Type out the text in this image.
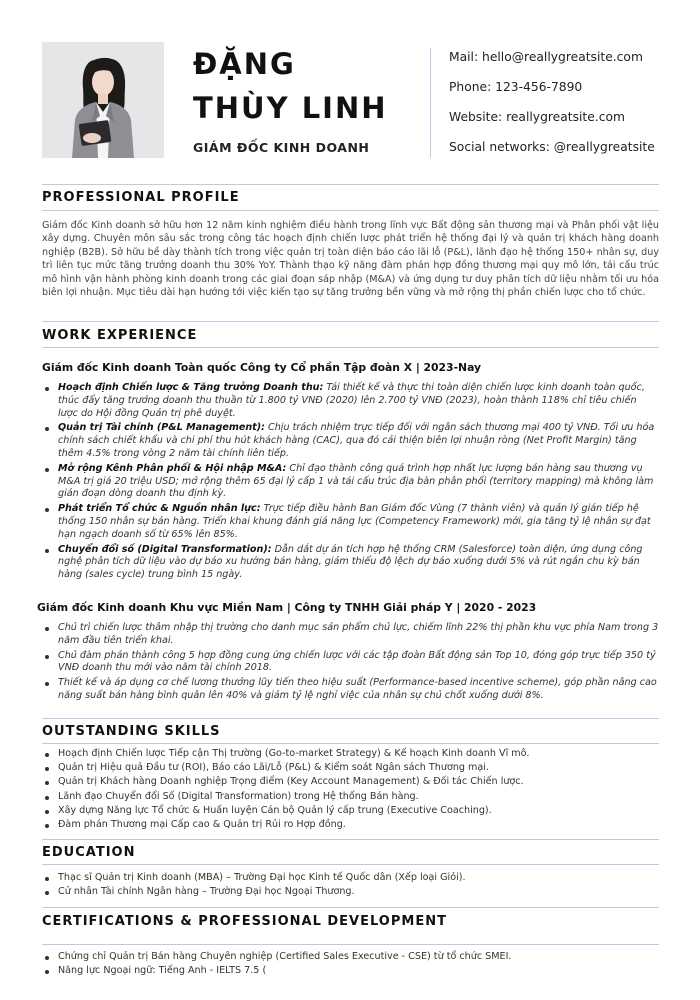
ĐẶNG
THÙY LINH
GIÁM ĐỐC KINH DOANH
Mail: hello@reallygreatsite.com
Phone: 123-456-7890
Website: reallygreatsite.com
Social networks: @reallygreatsite
PROFESSIONAL PROFILE
Giám đốc Kinh doanh sở hữu hơn 12 năm kinh nghiệm điều hành trong lĩnh vực Bất động sản thương mại và Phân phối vật liệu xây dựng. Chuyên môn sâu sắc trong công tác hoạch định chiến lược phát triển hệ thống đại lý và quản trị khách hàng doanh nghiệp (B2B). Sở hữu bề dày thành tích trong việc quản trị toàn diện báo cáo lãi lỗ (P&L), lãnh đạo hệ thống 150+ nhân sự, duy trì liên tục mức tăng trưởng doanh thu 30% YoY. Thành thạo kỹ năng đàm phán hợp đồng thương mại quy mô lớn, tái cấu trúc mô hình vận hành phòng kinh doanh trong các giai đoạn sáp nhập (M&A) và ứng dụng tư duy phân tích dữ liệu nhằm tối ưu hóa biên lợi nhuận. Mục tiêu dài hạn hướng tới việc kiến tạo sự tăng trưởng bền vững và mở rộng thị phần chiến lược cho tổ chức.
WORK EXPERIENCE
Giám đốc Kinh doanh Toàn quốc Công ty Cổ phần Tập đoàn X | 2023-Nay
Hoạch định Chiến lược & Tăng trưởng Doanh thu: Tái thiết kế và thực thi toàn diện chiến lược kinh doanh toàn quốc, thúc đẩy tăng trưởng doanh thu thuần từ 1.800 tỷ VNĐ (2020) lên 2.700 tỷ VNĐ (2023), hoàn thành 118% chỉ tiêu chiến lược do Hội đồng Quản trị phê duyệt.
Quản trị Tài chính (P&L Management): Chịu trách nhiệm trực tiếp đối với ngân sách thương mại 400 tỷ VNĐ. Tối ưu hóa chính sách chiết khấu và chi phí thu hút khách hàng (CAC), qua đó cải thiện biên lợi nhuận ròng (Net Profit Margin) tăng thêm 4.5% trong vòng 2 năm tài chính liên tiếp.
Mở rộng Kênh Phân phối & Hội nhập M&A: Chỉ đạo thành công quá trình hợp nhất lực lượng bán hàng sau thương vụ M&A trị giá 20 triệu USD; mở rộng thêm 65 đại lý cấp 1 và tái cấu trúc địa bàn phân phối (territory mapping) mà không làm gián đoạn dòng doanh thu định kỳ.
Phát triển Tổ chức & Nguồn nhân lực: Trực tiếp điều hành Ban Giám đốc Vùng (7 thành viên) và quản lý gián tiếp hệ thống 150 nhân sự bán hàng. Triển khai khung đánh giá năng lực (Competency Framework) mới, gia tăng tỷ lệ nhân sự đạt hạn ngạch doanh số từ 65% lên 85%.
Chuyển đổi số (Digital Transformation): Dẫn dắt dự án tích hợp hệ thống CRM (Salesforce) toàn diện, ứng dụng công nghệ phân tích dữ liệu vào dự báo xu hướng bán hàng, giảm thiểu độ lệch dự báo xuống dưới 5% và rút ngắn chu kỳ bán hàng (sales cycle) trung bình 15 ngày.
Giám đốc Kinh doanh Khu vực Miền Nam | Công ty TNHH Giải pháp Y | 2020 - 2023
Chủ trì chiến lược thâm nhập thị trường cho danh mục sản phẩm chủ lực, chiếm lĩnh 22% thị phần khu vực phía Nam trong 3 năm đầu tiên triển khai.
Chủ đàm phán thành công 5 hợp đồng cung ứng chiến lược với các tập đoàn Bất động sản Top 10, đóng góp trực tiếp 350 tỷ VNĐ doanh thu mới vào năm tài chính 2018.
Thiết kế và áp dụng cơ chế lương thưởng lũy tiến theo hiệu suất (Performance-based incentive scheme), góp phần nâng cao năng suất bán hàng bình quân lên 40% và giảm tỷ lệ nghỉ việc của nhân sự chủ chốt xuống dưới 8%.
OUTSTANDING SKILLS
Hoạch định Chiến lược Tiếp cận Thị trường (Go-to-market Strategy) & Kế hoạch Kinh doanh Vĩ mô.
Quản trị Hiệu quả Đầu tư (ROI), Báo cáo Lãi/Lỗ (P&L) & Kiểm soát Ngân sách Thương mại.
Quản trị Khách hàng Doanh nghiệp Trọng điểm (Key Account Management) & Đối tác Chiến lược.
Lãnh đạo Chuyển đổi Số (Digital Transformation) trong Hệ thống Bán hàng.
Xây dựng Năng lực Tổ chức & Huấn luyện Cán bộ Quản lý cấp trung (Executive Coaching).
Đàm phán Thương mại Cấp cao & Quản trị Rủi ro Hợp đồng.
EDUCATION
Thạc sĩ Quản trị Kinh doanh (MBA) – Trường Đại học Kinh tế Quốc dân (Xếp loại Giỏi).
Cử nhân Tài chính Ngân hàng – Trường Đại học Ngoại Thương.
CERTIFICATIONS & PROFESSIONAL DEVELOPMENT
Chứng chỉ Quản trị Bán hàng Chuyên nghiệp (Certified Sales Executive - CSE) từ tổ chức SMEI.
Năng lực Ngoại ngữ: Tiếng Anh - IELTS 7.5 (
